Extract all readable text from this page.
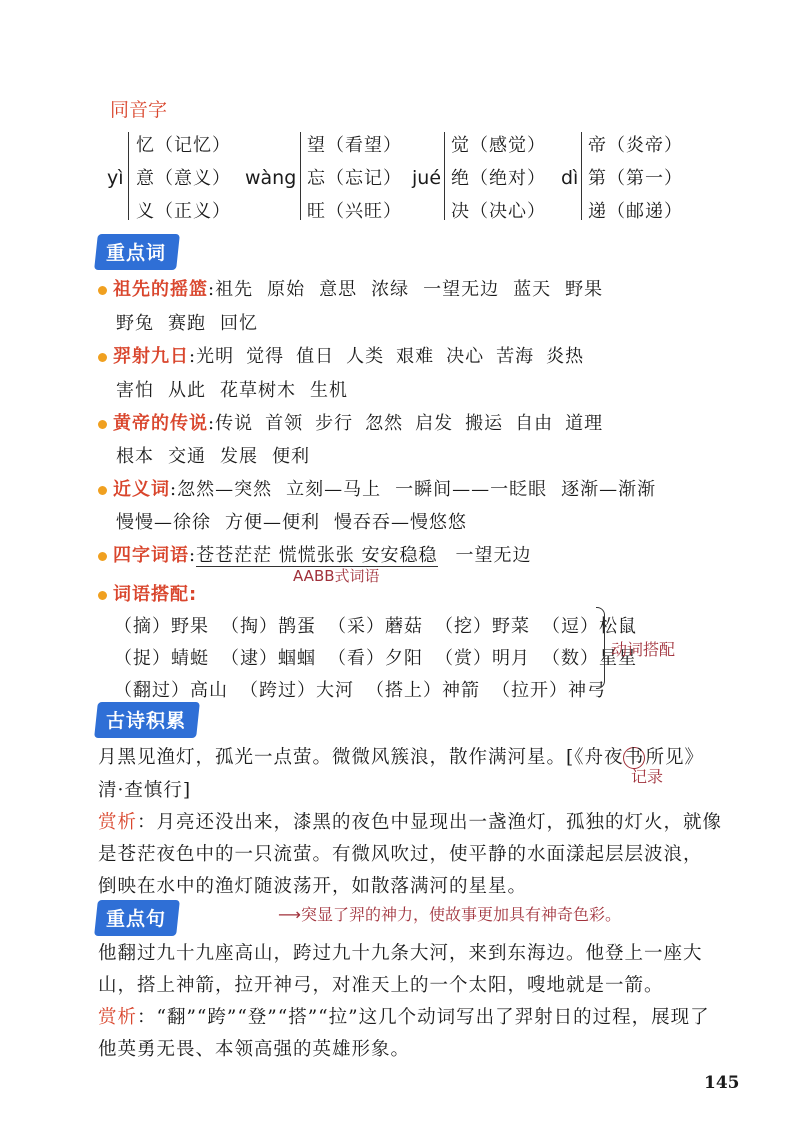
同音字
yì
忆（记忆）
意（意义）
义（正义）
wàng
望（看望）
忘（忘记）
旺（兴旺）
jué
觉（感觉）
绝（绝对）
决（决心）
dì
帝（炎帝）
第（第一）
递（邮递）
重点词
祖先的摇篮:祖先 原始 意思 浓绿 一望无边 蓝天 野果
野兔 赛跑 回忆
羿射九日:光明 觉得 值日 人类 艰难 决心 苦海 炎热
害怕 从此 花草树木 生机
黄帝的传说:传说 首领 步行 忽然 启发 搬运 自由 道理
根本 交通 发展 便利
近义词:忽然—突然 立刻—马上 一瞬间——一眨眼 逐渐—渐渐
慢慢—徐徐 方便—便利 慢吞吞—慢悠悠
四字词语:苍苍茫茫 慌慌张张 安安稳稳 一望无边
AABB式词语
词语搭配:
（摘）野果 （掏）鹊蛋 （采）蘑菇 （挖）野菜 （逗）松鼠
（捉）蜻蜓 （逮）蝈蝈 （看）夕阳 （赏）明月 （数）星星
（翻过）高山 （跨过）大河 （搭上）神箭 （拉开）神弓
动词搭配
古诗积累
月黑见渔灯，孤光一点萤。微微风簇浪，散作满河星。[《舟夜书所见》
清·查慎行]
记录
赏析：月亮还没出来，漆黑的夜色中显现出一盏渔灯，孤独的灯火，就像
是苍茫夜色中的一只流萤。有微风吹过，使平静的水面漾起层层波浪，
倒映在水中的渔灯随波荡开，如散落满河的星星。
重点句	⟶突显了羿的神力，使故事更加具有神奇色彩。
他翻过九十九座高山，跨过九十九条大河，来到东海边。他登上一座大
山，搭上神箭，拉开神弓，对准天上的一个太阳，嗖地就是一箭。
赏析：“翻”“跨”“登”“搭”“拉”这几个动词写出了羿射日的过程，展现了
他英勇无畏、本领高强的英雄形象。
145
